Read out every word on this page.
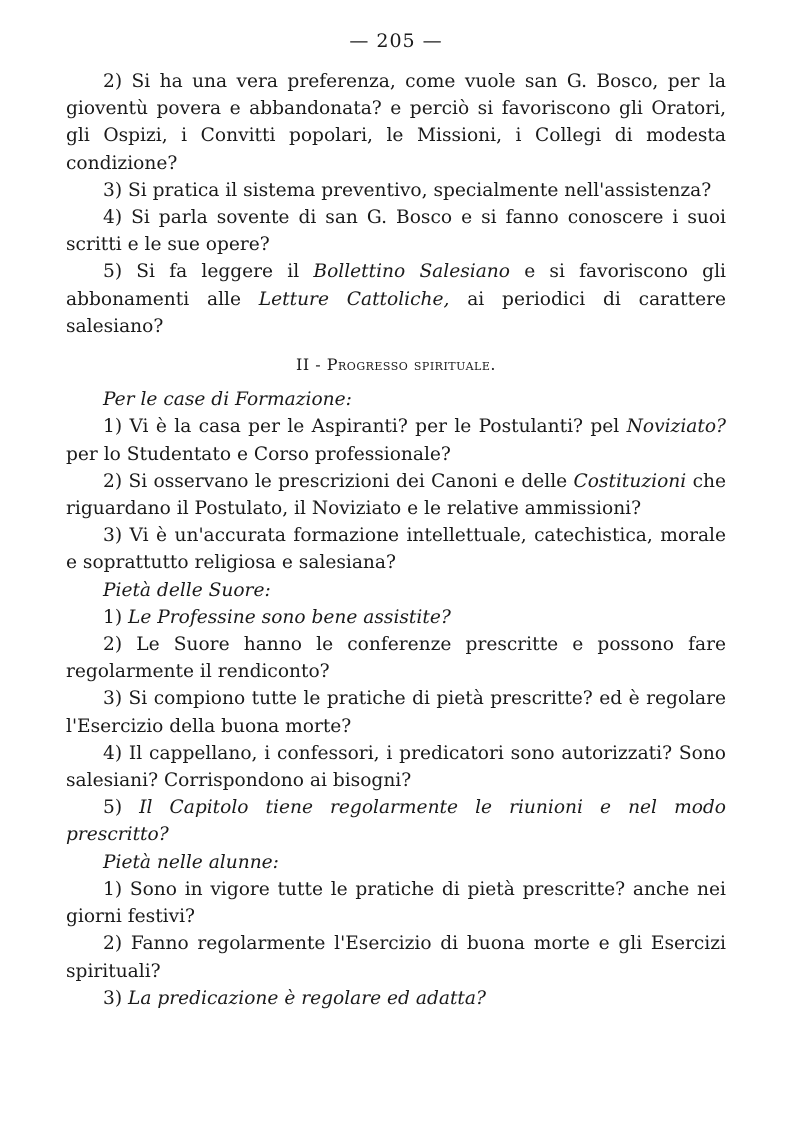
— 205 —

2) Si ha una vera preferenza, come vuole san G. Bosco, per la gioventù povera e abbandonata? e perciò si favoriscono gli Oratori, gli Ospizi, i Convitti popolari, le Missioni, i Collegi di modesta condizione?

3) Si pratica il sistema preventivo, specialmente nell'assistenza?

4) Si parla sovente di san G. Bosco e si fanno conoscere i suoi scritti e le sue opere?

5) Si fa leggere il Bollettino Salesiano e si favoriscono gli abbonamenti alle Letture Cattoliche, ai periodici di carattere salesiano?

II - Progresso spirituale.

Per le case di Formazione:

1) Vi è la casa per le Aspiranti? per le Postulanti? pel Noviziato? per lo Studentato e Corso professionale?

2) Si osservano le prescrizioni dei Canoni e delle Costituzioni che riguardano il Postulato, il Noviziato e le relative ammissioni?

3) Vi è un'accurata formazione intellettuale, catechistica, morale e soprattutto religiosa e salesiana?

Pietà delle Suore:

1) Le Professine sono bene assistite?

2) Le Suore hanno le conferenze prescritte e possono fare regolarmente il rendiconto?

3) Si compiono tutte le pratiche di pietà prescritte? ed è regolare l'Esercizio della buona morte?

4) Il cappellano, i confessori, i predicatori sono autorizzati? Sono salesiani? Corrispondono ai bisogni?

5) Il Capitolo tiene regolarmente le riunioni e nel modo prescritto?

Pietà nelle alunne:

1) Sono in vigore tutte le pratiche di pietà prescritte? anche nei giorni festivi?

2) Fanno regolarmente l'Esercizio di buona morte e gli Esercizi spirituali?

3) La predicazione è regolare ed adatta?
